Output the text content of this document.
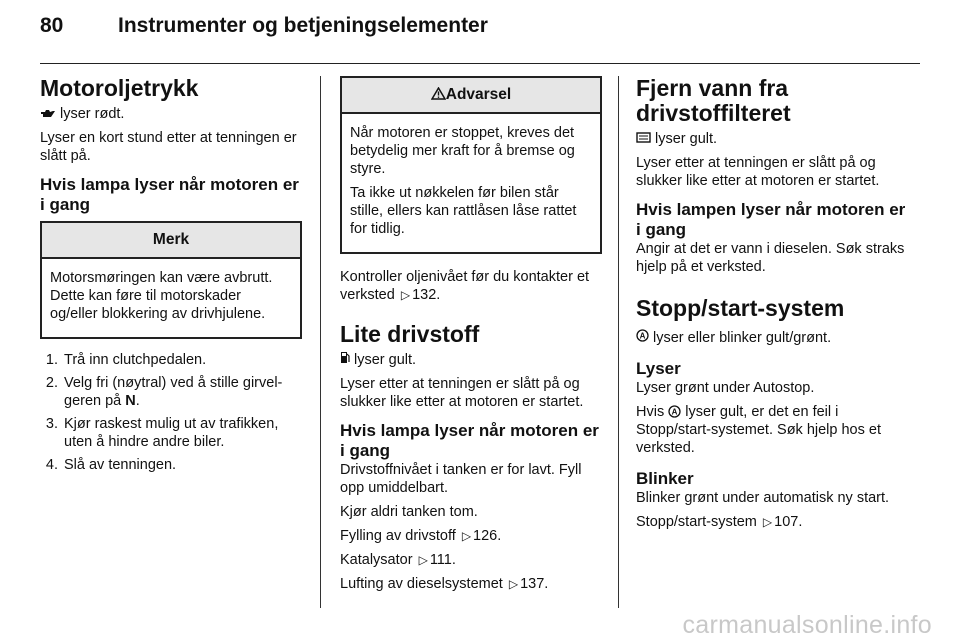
80	Instrumenter og betjeningselementer
Motoroljetrykk

lyser rødt.

Lyser en kort stund etter at tenningen er slått på.

Hvis lampa lyser når motoren er i gang
Merk

Motorsmøringen kan være avbrutt. Dette kan føre til motorskader og/eller blokkering av drivhjulene.

1. Trå inn clutchpedalen.
2. Velg fri (nøytral) ved å stille girvelgeren på N.
3. Kjør raskest mulig ut av trafikken, uten å hindre andre biler.
4. Slå av tenningen.
Advarsel

Når motoren er stoppet, kreves det betydelig mer kraft for å bremse og styre.

Ta ikke ut nøkkelen før bilen står stille, ellers kan rattlåsen låse rattet for tidlig.

Kontroller oljenivået før du kontakter et verksted ▷ 132.

Lite drivstoff

lyser gult.

Lyser etter at tenningen er slått på og slukker like etter at motoren er startet.

Hvis lampa lyser når motoren er i gang

Drivstoffnivået i tanken er for lavt. Fyll opp umiddelbart.

Kjør aldri tanken tom.

Fylling av drivstoff ▷ 126.

Katalysator ▷ 111.

Lufting av dieselsystemet ▷ 137.

Fjern vann fra drivstoffilteret

lyser gult.

Lyser etter at tenningen er slått på og slukker like etter at motoren er startet.

Hvis lampen lyser når motoren er i gang

Angir at det er vann i dieselen. Søk straks hjelp på et verksted.

Stopp/start-system

A lyser eller blinker gult/grønt.

Lyser

Lyser grønt under Autostop.

Hvis A lyser gult, er det en feil i Stopp/start-systemet. Søk hjelp hos et verksted.

Blinker

Blinker grønt under automatisk ny start.

Stopp/start-system ▷ 107.

carmanualsonline.info
